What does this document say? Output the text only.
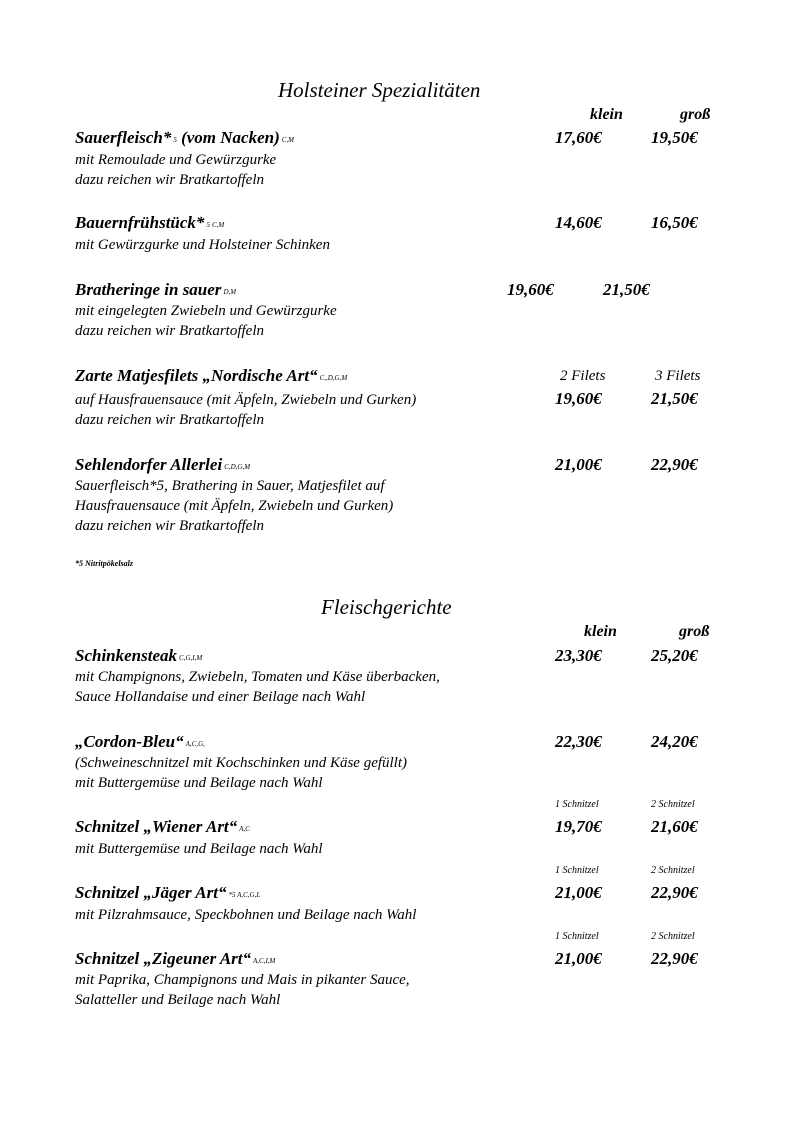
Holsteiner Spezialitäten
klein	groß
Sauerfleisch* 5 (vom Nacken) C,M	17,60€	19,50€
mit Remoulade und Gewürzgurke
dazu reichen wir Bratkartoffeln
Bauernfrühstück* 5 C,M	14,60€	16,50€
mit Gewürzgurke und Holsteiner Schinken
Bratheringe in sauer D,M	19,60€	21,50€
mit eingelegten Zwiebeln und Gewürzgurke
dazu reichen wir Bratkartoffeln
Zarte Matjesfilets „Nordische Art“ C,,D,G,M	2 Filets	3 Filets
auf Hausfrauensauce (mit Äpfeln, Zwiebeln und Gurken)	19,60€	21,50€
dazu reichen wir Bratkartoffeln
Sehlendorfer Allerlei C,D,G,M	21,00€	22,90€
Sauerfleisch*5, Brathering in Sauer, Matjesfilet auf
Hausfrauensauce (mit Äpfeln, Zwiebeln und Gurken)
dazu reichen wir Bratkartoffeln
*5 Nitritpökelsalz
Fleischgerichte
klein	groß
Schinkensteak C,G,I,M	23,30€	25,20€
mit Champignons, Zwiebeln, Tomaten und Käse überbacken,
Sauce Hollandaise und einer Beilage nach Wahl
„Cordon-Bleu“ A,C,G,	22,30€	24,20€
(Schweineschnitzel mit Kochschinken und Käse gefüllt)
mit Buttergemüse und Beilage nach Wahl
1 Schnitzel	2 Schnitzel
Schnitzel „Wiener Art“ A,C	19,70€	21,60€
mit Buttergemüse und Beilage nach Wahl
1 Schnitzel	2 Schnitzel
Schnitzel „Jäger Art“ *5 A,C,G,L	21,00€	22,90€
mit Pilzrahmsauce, Speckbohnen und Beilage nach Wahl
1 Schnitzel	2 Schnitzel
Schnitzel „Zigeuner Art“ A,C,I,M	21,00€	22,90€
mit Paprika, Champignons und Mais in pikanter Sauce,
Salatteller und Beilage nach Wahl
